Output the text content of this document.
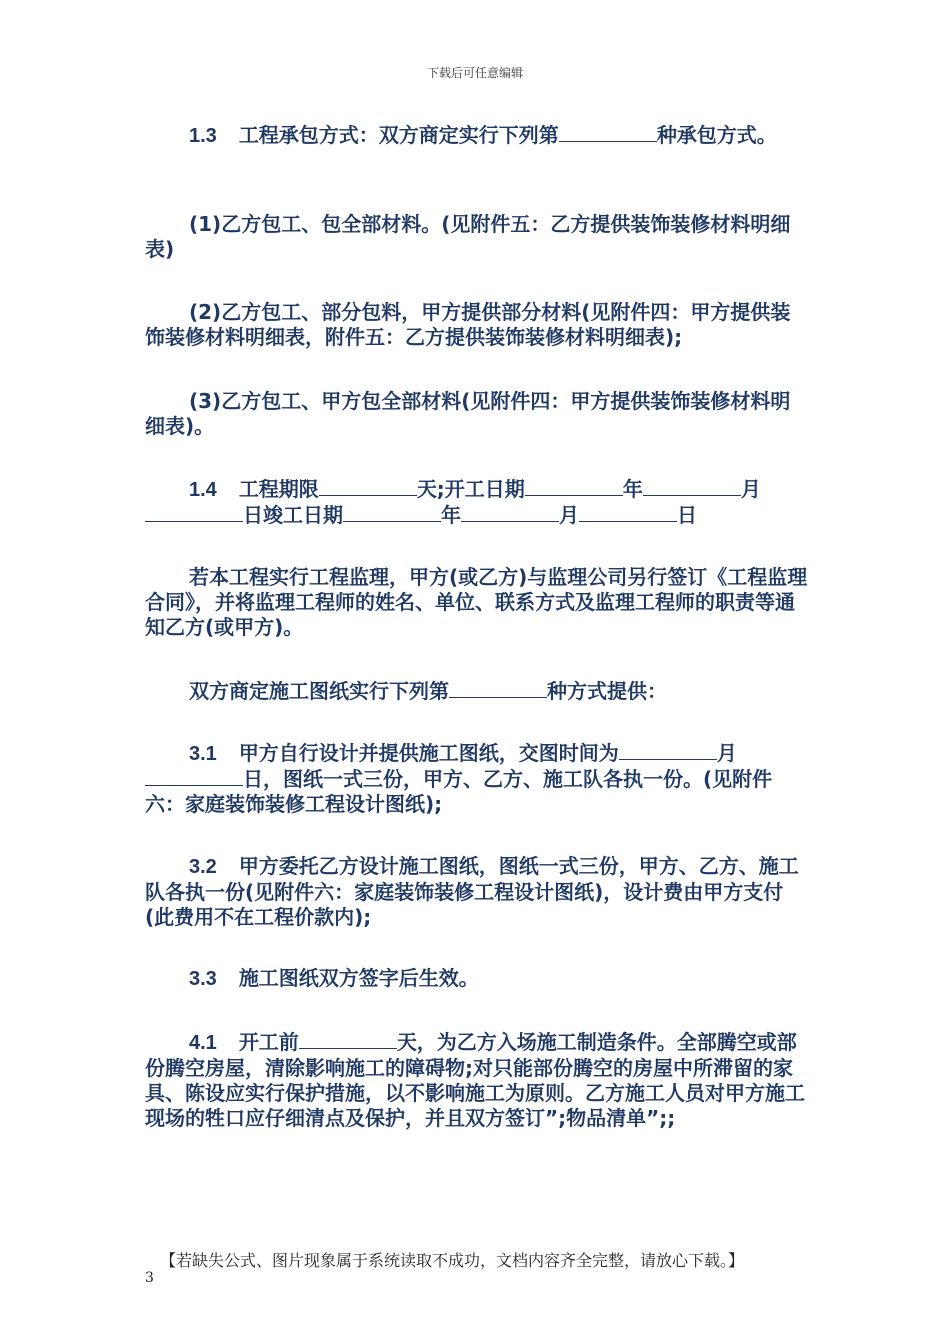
下载后可任意编辑

1.3 工程承包方式：双方商定实行下列第	种承包方式。

(1)乙方包工、包全部材料。(见附件五：乙方提供装饰装修材料明细表)

(2)乙方包工、部分包料，甲方提供部分材料(见附件四：甲方提供装饰装修材料明细表，附件五：乙方提供装饰装修材料明细表);

(3)乙方包工、甲方包全部材料(见附件四：甲方提供装饰装修材料明细表)。

1.4 工程期限	天;开工日期	年	月日竣工日期	年	月	日

若本工程实行工程监理，甲方(或乙方)与监理公司另行签订《工程监理合同》，并将监理工程师的姓名、单位、联系方式及监理工程师的职责等通知乙方(或甲方)。

双方商定施工图纸实行下列第	种方式提供：

3.1 甲方自行设计并提供施工图纸，交图时间为	月日，图纸一式三份，甲方、乙方、施工队各执一份。(见附件六：家庭装饰装修工程设计图纸);

3.2 甲方委托乙方设计施工图纸，图纸一式三份，甲方、乙方、施工队各执一份(见附件六：家庭装饰装修工程设计图纸)，设计费由甲方支付(此费用不在工程价款内);

3.3 施工图纸双方签字后生效。

4.1 开工前	天，为乙方入场施工制造条件。全部腾空或部份腾空房屋，清除影响施工的障碍物;对只能部份腾空的房屋中所滞留的家具、陈设应实行保护措施，以不影响施工为原则。乙方施工人员对甲方施工现场的牲口应仔细清点及保护，并且双方签订”;物品清单”;;

【若缺失公式、图片现象属于系统读取不成功，文档内容齐全完整，请放心下载。】
3
